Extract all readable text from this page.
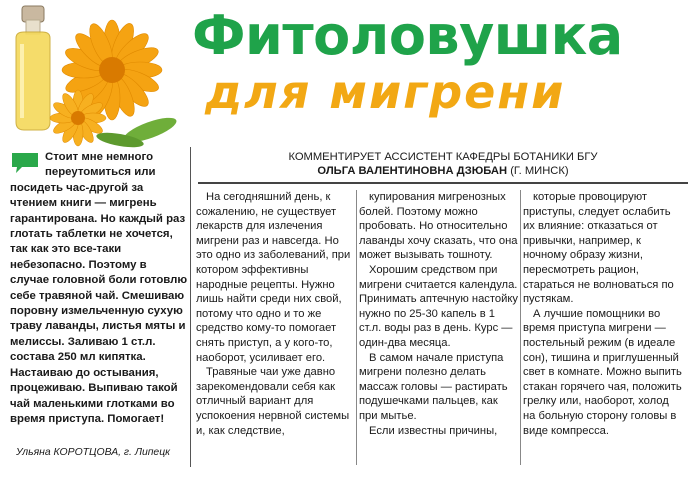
Фитоловушка
для мигрени
Стоит мне немного переутомиться или посидеть час-другой за чтением книги — мигрень гарантирована. Но каждый раз глотать таблетки не хочется, так как это все-таки небезопасно. Поэтому в случае головной боли готовлю себе травяной чай. Смешиваю поровну измельченную сухую траву лаванды, листья мяты и мелиссы. Заливаю 1 ст.л. состава 250 мл кипятка. Настаиваю до остывания, процеживаю. Выпиваю такой чай маленькими глотками во время приступа. Помогает!
Ульяна КОРОТЦОВА, г. Липецк
КОММЕНТИРУЕТ АССИСТЕНТ КАФЕДРЫ БОТАНИКИ БГУ
ОЛЬГА ВАЛЕНТИНОВНА ДЗЮБАН (Г. МИНСК)

На сегодняшний день, к сожалению, не существует лекарств для излечения мигрени раз и навсегда. Но это одно из заболеваний, при котором эффективны народные рецепты. Нужно лишь найти среди них свой, потому что одно и то же средство кому-то помогает снять приступ, а у кого-то, наоборот, усиливает его.

Травяные чаи уже давно зарекомендовали себя как отличный вариант для успокоения нервной системы и, как следствие,

купирования мигренозных болей. Поэтому можно пробовать. Но относительно лаванды хочу сказать, что она может вызывать тошноту.

Хорошим средством при мигрени считается календула. Принимать аптечную настойку нужно по 25-30 капель в 1 ст.л. воды раз в день. Курс — один-два месяца.

В самом начале приступа мигрени полезно делать массаж головы — растирать подушечками пальцев, как при мытье.

Если известны причины,

которые провоцируют приступы, следует ослабить их влияние: отказаться от привычки, например, к ночному образу жизни, пересмотреть рацион, стараться не волноваться по пустякам.

А лучшие помощники во время приступа мигрени — постельный режим (в идеале сон), тишина и приглушенный свет в комнате. Можно выпить стакан горячего чая, положить грелку или, наоборот, холод на больную сторону головы в виде компресса.
